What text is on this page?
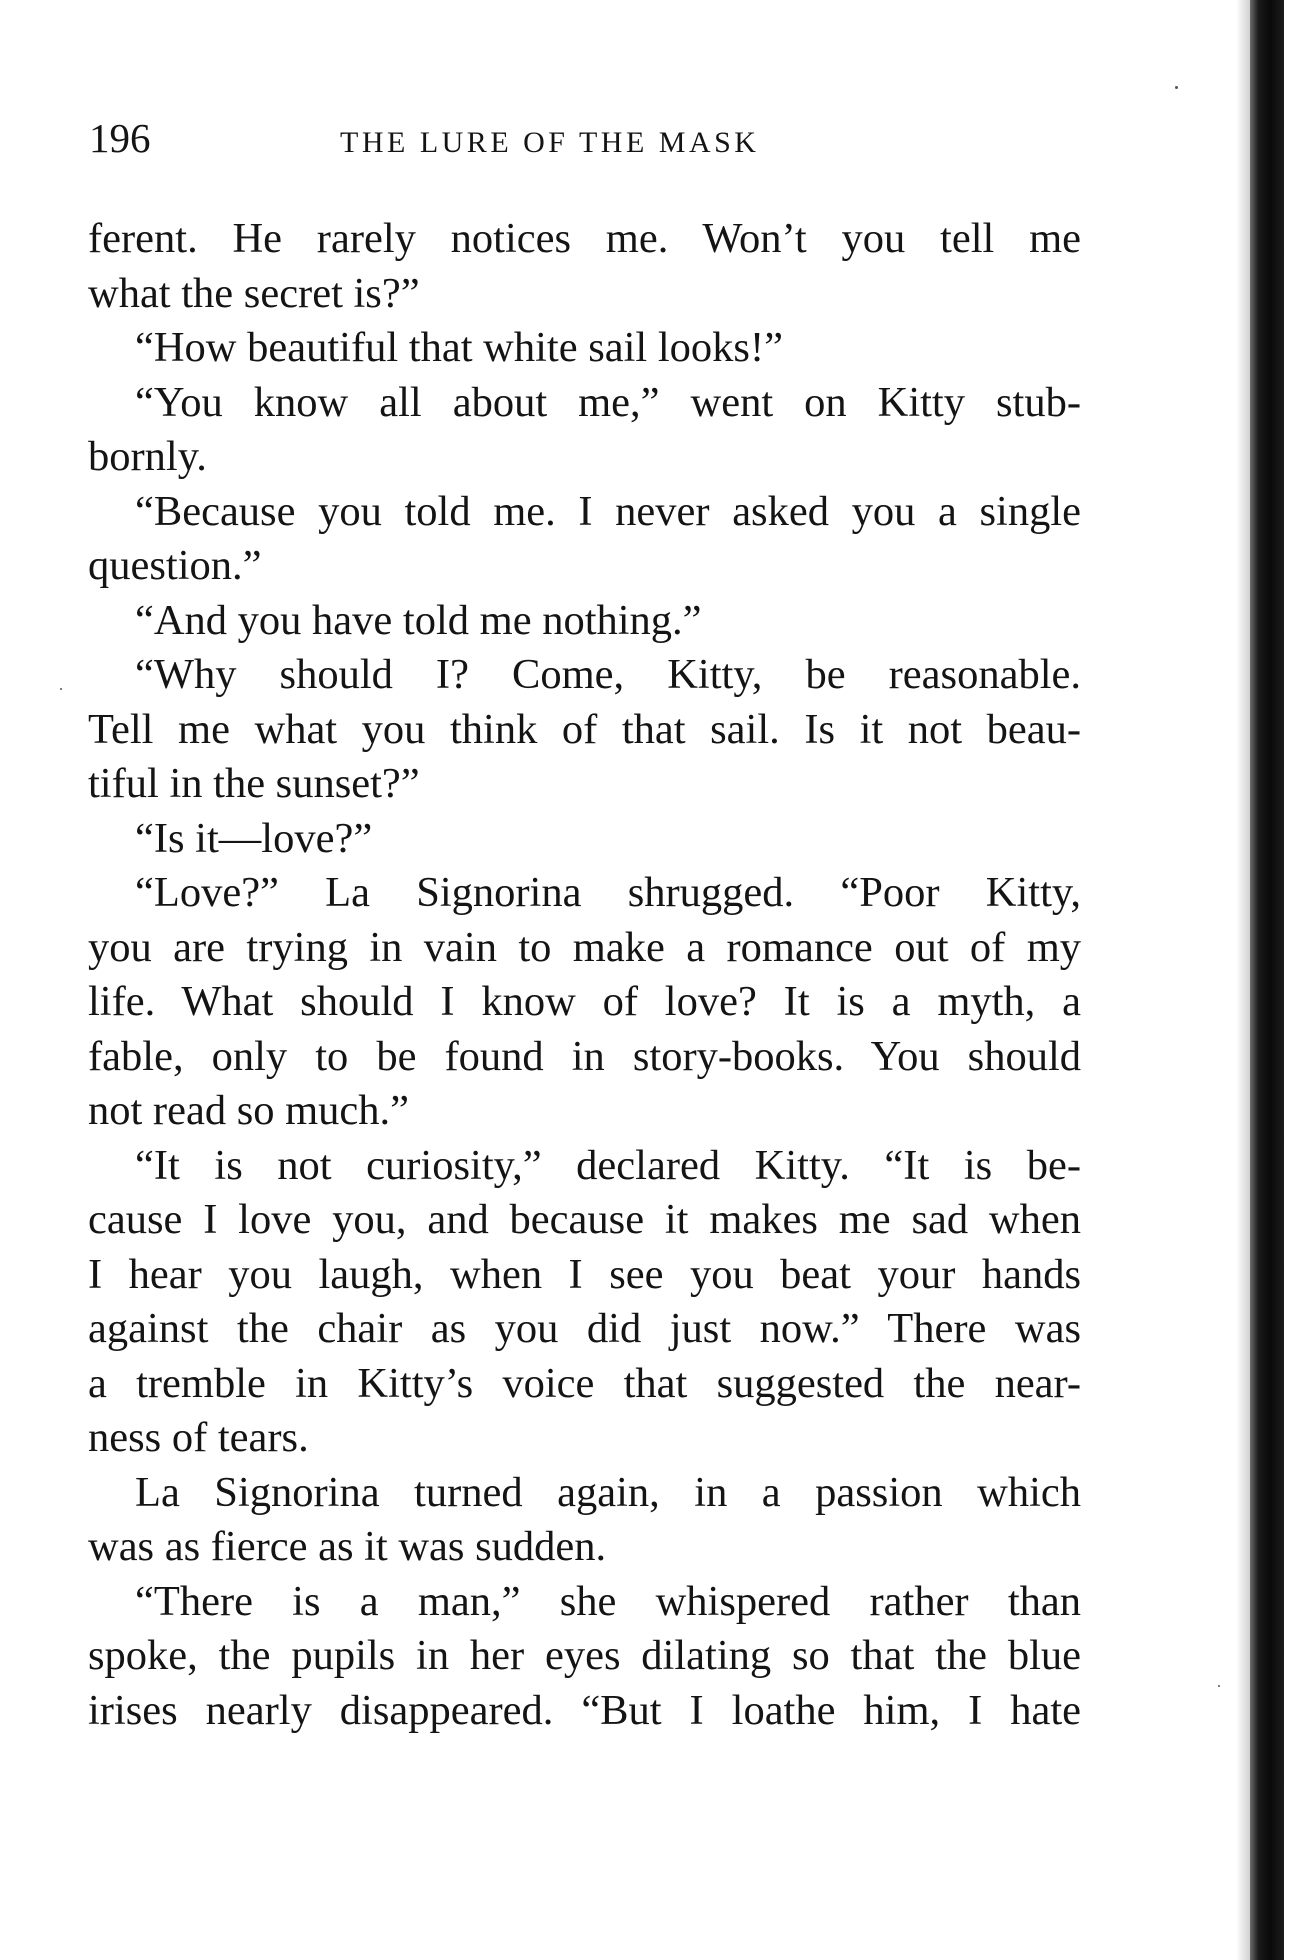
196	THE LURE OF THE MASK
ferent. He rarely notices me. Won’t you tell me
what the secret is?”
“How beautiful that white sail looks!”
“You know all about me,” went on Kitty stub-
bornly.
“Because you told me. I never asked you a single
question.”
“And you have told me nothing.”
“Why should I? Come, Kitty, be reasonable.
Tell me what you think of that sail. Is it not beau-
tiful in the sunset?”
“Is it—love?”
“Love?” La Signorina shrugged. “Poor Kitty,
you are trying in vain to make a romance out of my
life. What should I know of love? It is a myth, a
fable, only to be found in story-books. You should
not read so much.”
“It is not curiosity,” declared Kitty. “It is be-
cause I love you, and because it makes me sad when
I hear you laugh, when I see you beat your hands
against the chair as you did just now.” There was
a tremble in Kitty’s voice that suggested the near-
ness of tears.
La Signorina turned again, in a passion which
was as fierce as it was sudden.
“There is a man,” she whispered rather than
spoke, the pupils in her eyes dilating so that the blue
irises nearly disappeared. “But I loathe him, I hate
